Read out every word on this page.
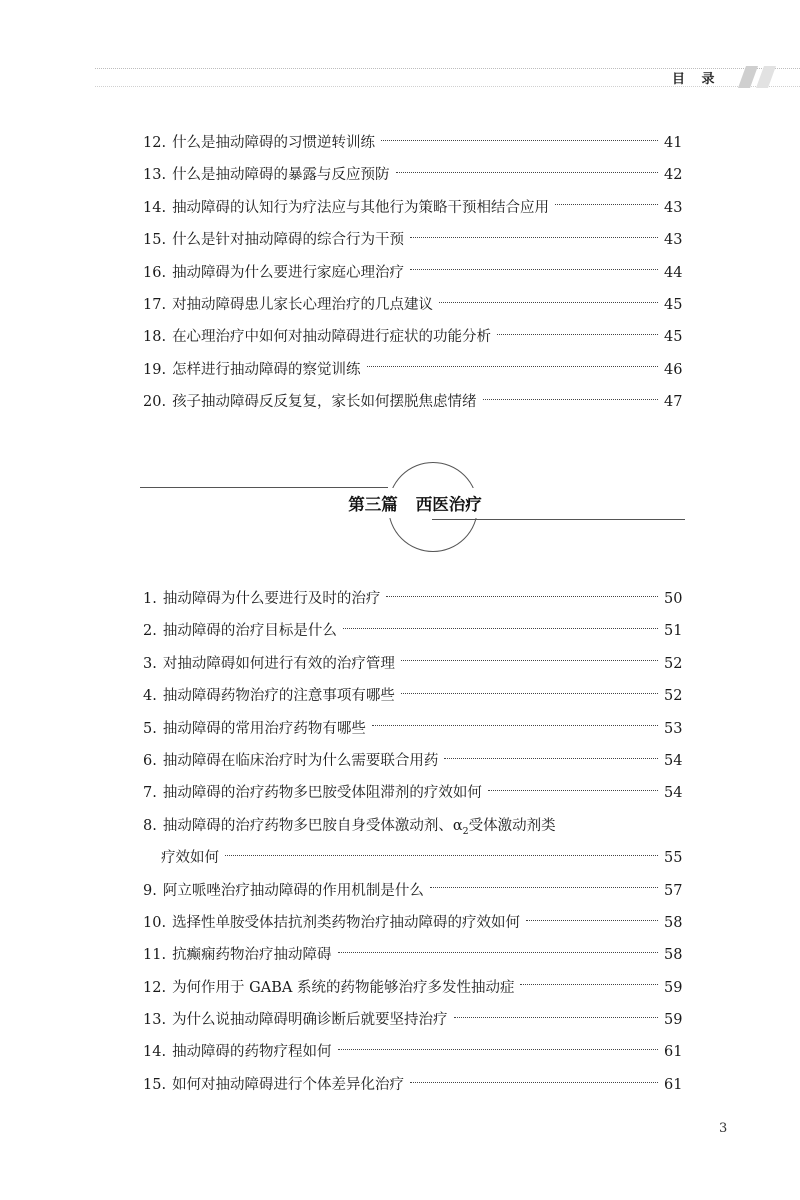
目 录
12. 什么是抽动障碍的习惯逆转训练	41
13. 什么是抽动障碍的暴露与反应预防	42
14. 抽动障碍的认知行为疗法应与其他行为策略干预相结合应用	43
15. 什么是针对抽动障碍的综合行为干预	43
16. 抽动障碍为什么要进行家庭心理治疗	44
17. 对抽动障碍患儿家长心理治疗的几点建议	45
18. 在心理治疗中如何对抽动障碍进行症状的功能分析	45
19. 怎样进行抽动障碍的察觉训练	46
20. 孩子抽动障碍反反复复，家长如何摆脱焦虑情绪	47
第三篇 西医治疗
1. 抽动障碍为什么要进行及时的治疗	50
2. 抽动障碍的治疗目标是什么	51
3. 对抽动障碍如何进行有效的治疗管理	52
4. 抽动障碍药物治疗的注意事项有哪些	52
5. 抽动障碍的常用治疗药物有哪些	53
6. 抽动障碍在临床治疗时为什么需要联合用药	54
7. 抽动障碍的治疗药物多巴胺受体阻滞剂的疗效如何	54
8. 抽动障碍的治疗药物多巴胺自身受体激动剂、$\alpha_2$受体激动剂类
疗效如何	55
9. 阿立哌唑治疗抽动障碍的作用机制是什么	57
10. 选择性单胺受体拮抗剂类药物治疗抽动障碍的疗效如何	58
11. 抗癫痫药物治疗抽动障碍	58
12. 为何作用于 GABA 系统的药物能够治疗多发性抽动症	59
13. 为什么说抽动障碍明确诊断后就要坚持治疗	59
14. 抽动障碍的药物疗程如何	61
15. 如何对抽动障碍进行个体差异化治疗	61
3
